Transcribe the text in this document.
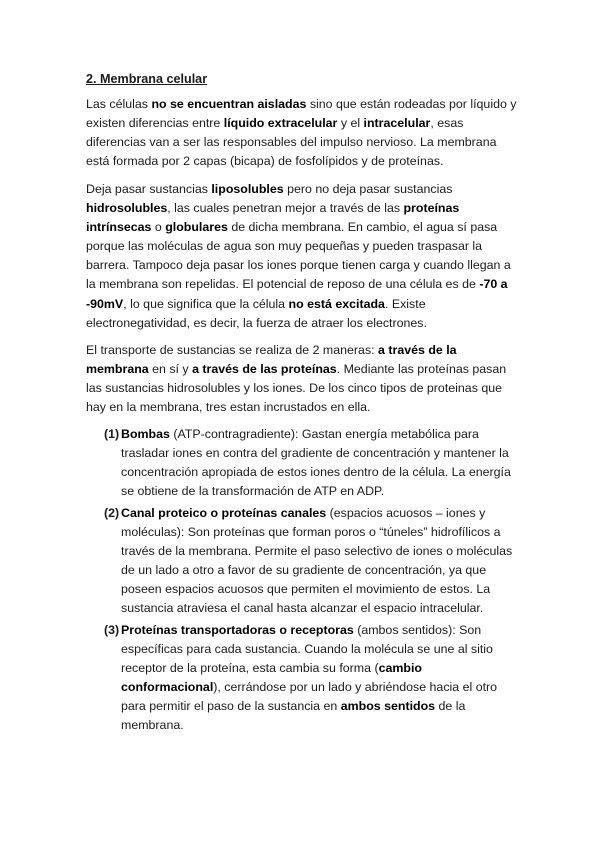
2. Membrana celular

Las células no se encuentran aisladas sino que están rodeadas por líquido y existen diferencias entre líquido extracelular y el intracelular, esas diferencias van a ser las responsables del impulso nervioso. La membrana está formada por 2 capas (bicapa) de fosfolípidos y de proteínas.

Deja pasar sustancias liposolubles pero no deja pasar sustancias hidrosolubles, las cuales penetran mejor a través de las proteínas intrínsecas o globulares de dicha membrana. En cambio, el agua sí pasa porque las moléculas de agua son muy pequeñas y pueden traspasar la barrera. Tampoco deja pasar los iones porque tienen carga y cuando llegan a la membrana son repelidas. El potencial de reposo de una célula es de -70 a -90mV, lo que significa que la célula no está excitada. Existe electronegatividad, es decir, la fuerza de atraer los electrones.

El transporte de sustancias se realiza de 2 maneras: a través de la membrana en sí y a través de las proteínas. Mediante las proteínas pasan las sustancias hidrosolubles y los iones. De los cinco tipos de proteinas que hay en la membrana, tres estan incrustados en ella.

(1) Bombas (ATP-contragradiente): Gastan energía metabólica para trasladar iones en contra del gradiente de concentración y mantener la concentración apropiada de estos iones dentro de la célula. La energía se obtiene de la transformación de ATP en ADP.
(2) Canal proteico o proteínas canales (espacios acuosos – iones y moléculas): Son proteínas que forman poros o “túneles” hidrofílicos a través de la membrana. Permite el paso selectivo de iones o moléculas de un lado a otro a favor de su gradiente de concentración, ya que poseen espacios acuosos que permiten el movimiento de estos. La sustancia atraviesa el canal hasta alcanzar el espacio intracelular.
(3) Proteínas transportadoras o receptoras (ambos sentidos): Son específicas para cada sustancia. Cuando la molécula se une al sitio receptor de la proteína, esta cambia su forma (cambio conformacional), cerrándose por un lado y abriéndose hacia el otro para permitir el paso de la sustancia en ambos sentidos de la membrana.
